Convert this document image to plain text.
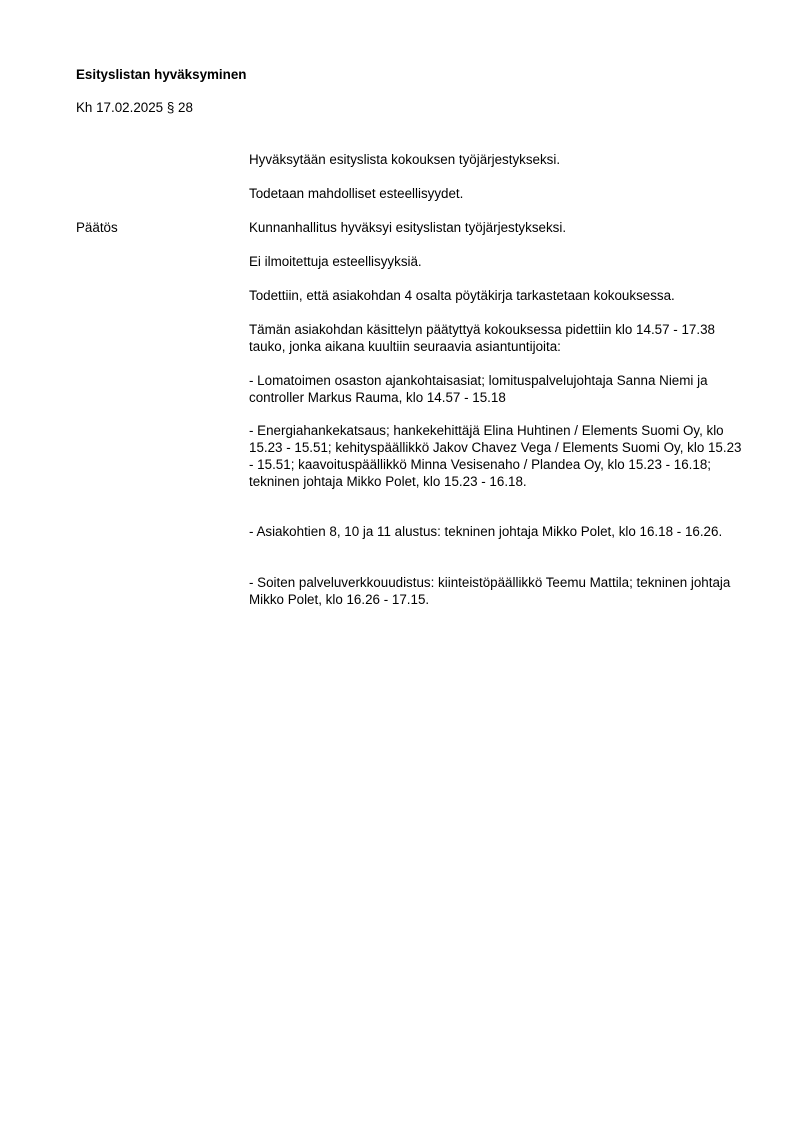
Esityslistan hyväksyminen
Kh 17.02.2025 § 28
Hyväksytään esityslista kokouksen työjärjestykseksi.
Todetaan mahdolliset esteellisyydet.
Päätös	Kunnanhallitus hyväksyi esityslistan työjärjestykseksi.
Ei ilmoitettuja esteellisyyksiä.
Todettiin, että asiakohdan 4 osalta pöytäkirja tarkastetaan kokouksessa.
Tämän asiakohdan käsittelyn päätyttyä kokouksessa pidettiin klo 14.57 - 17.38 tauko, jonka aikana kuultiin seuraavia asiantuntijoita:
- Lomatoimen osaston ajankohtaisasiat; lomituspalvelujohtaja Sanna Niemi ja controller Markus Rauma, klo 14.57 - 15.18
- Energiahankekatsaus; hankekehittäjä Elina Huhtinen / Elements Suomi Oy, klo 15.23 - 15.51; kehityspäällikkö Jakov Chavez Vega / Elements Suomi Oy, klo 15.23 - 15.51; kaavoituspäällikkö Minna Vesisenaho / Plandea Oy, klo 15.23 - 16.18; tekninen johtaja Mikko Polet, klo 15.23 - 16.18.
- Asiakohtien 8, 10 ja 11 alustus: tekninen johtaja Mikko Polet, klo 16.18 - 16.26.
- Soiten palveluverkkouudistus: kiinteistöpäällikkö Teemu Mattila; tekninen johtaja Mikko Polet, klo 16.26 - 17.15.
